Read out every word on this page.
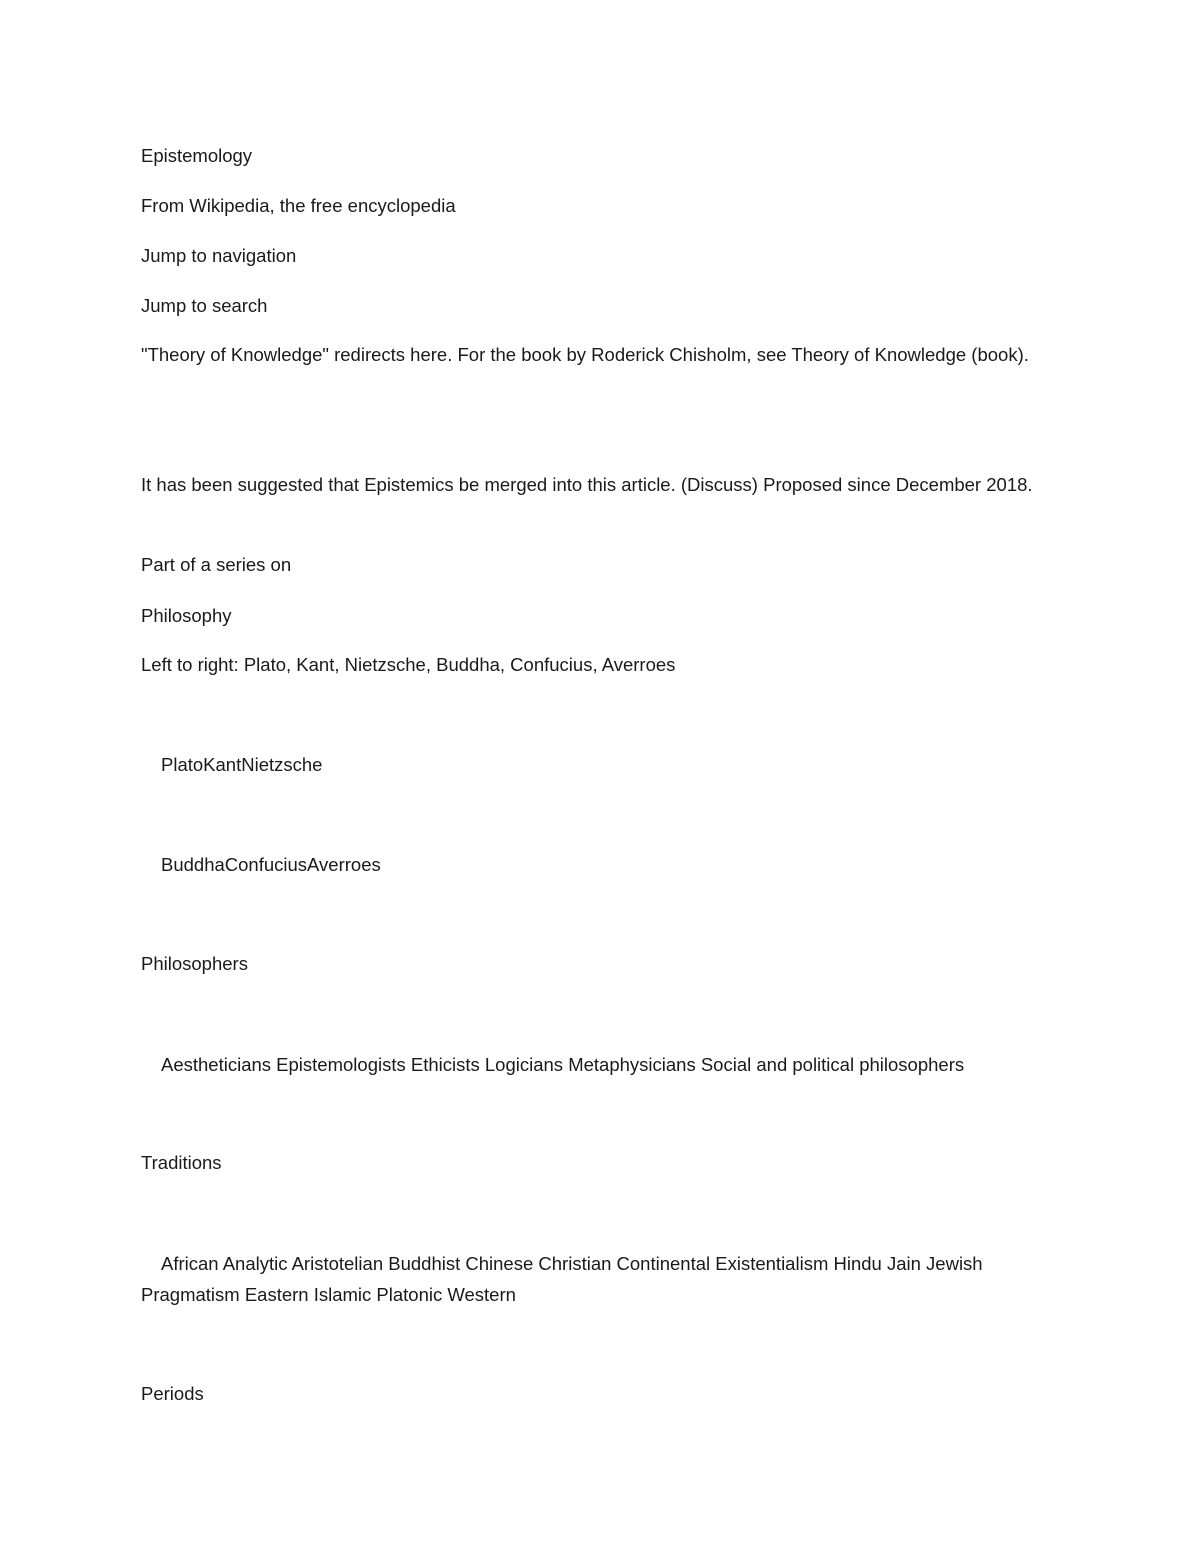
Epistemology
From Wikipedia, the free encyclopedia
Jump to navigation
Jump to search
"Theory of Knowledge" redirects here. For the book by Roderick Chisholm, see Theory of Knowledge (book).
It has been suggested that Epistemics be merged into this article. (Discuss) Proposed since December 2018.
Part of a series on
Philosophy
Left to right: Plato, Kant, Nietzsche, Buddha, Confucius, Averroes
PlatoKantNietzsche
BuddhaConfuciusAverroes
Philosophers
Aestheticians Epistemologists Ethicists Logicians Metaphysicians Social and political philosophers
Traditions
African Analytic Aristotelian Buddhist Chinese Christian Continental Existentialism Hindu Jain Jewish Pragmatism Eastern Islamic Platonic Western
Periods
